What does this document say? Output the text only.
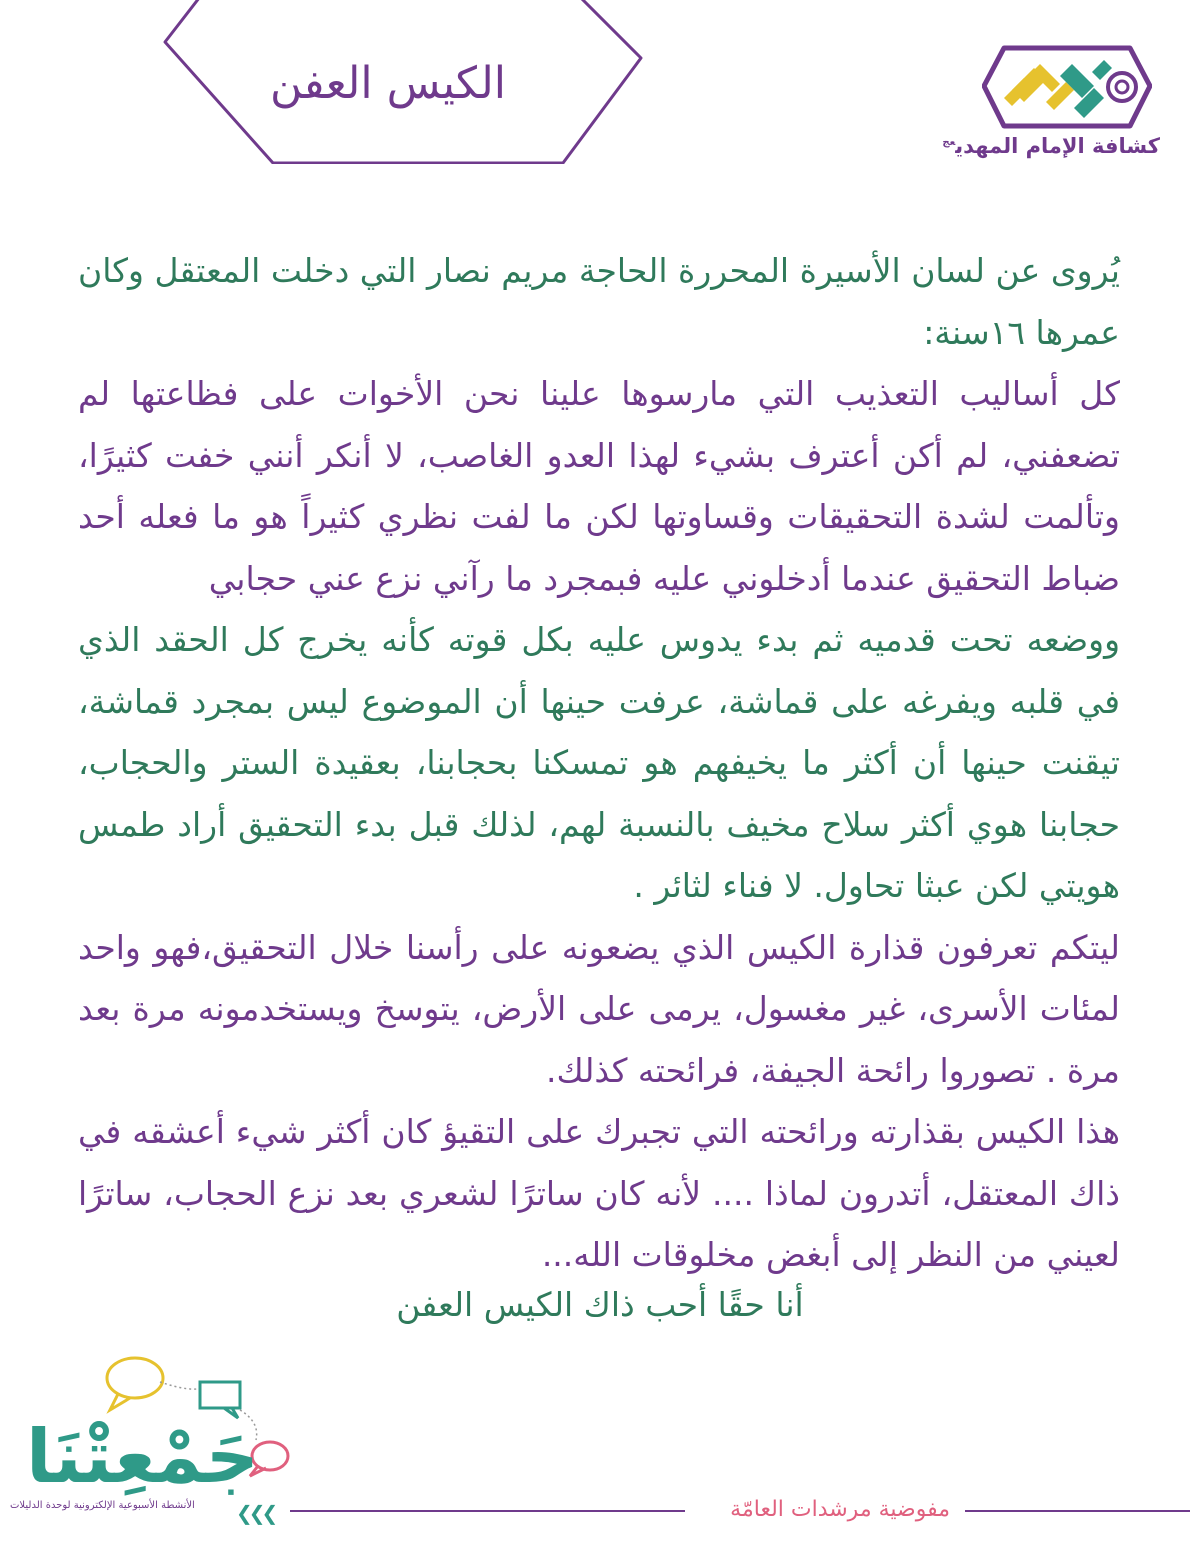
الكيس العفن
كشافة الإمام المهدي$^{عج}$

يُروى عن لسان الأسيرة المحررة الحاجة مريم نصار التي دخلت المعتقل وكان عمرها ١٦سنة:

كل أساليب التعذيب التي مارسوها علينا نحن الأخوات على فظاعتها لم تضعفني، لم أكن أعترف بشيء لهذا العدو الغاصب، لا أنكر أنني خفت كثيرًا، وتألمت لشدة التحقيقات وقساوتها لكن ما لفت نظري كثيراً هو ما فعله أحد ضباط التحقيق عندما أدخلوني عليه فبمجرد ما رآني نزع عني حجابي

ووضعه تحت قدميه ثم بدء يدوس عليه بكل قوته كأنه يخرج كل الحقد الذي في قلبه ويفرغه على قماشة، عرفت حينها أن الموضوع ليس بمجرد قماشة، تيقنت حينها أن أكثر ما يخيفهم هو تمسكنا بحجابنا، بعقيدة الستر والحجاب، حجابنا هوي أكثر سلاح مخيف بالنسبة لهم، لذلك قبل بدء التحقيق أراد طمس هويتي لكن عبثا تحاول. لا فناء لثائر .

ليتكم تعرفون قذارة الكيس الذي يضعونه على رأسنا خلال التحقيق،فهو واحد لمئات الأسرى، غير مغسول، يرمى على الأرض، يتوسخ ويستخدمونه مرة بعد مرة . تصوروا رائحة الجيفة، فرائحته كذلك.

هذا الكيس بقذارته ورائحته التي تجبرك على التقيؤ كان أكثر شيء أعشقه في ذاك المعتقل، أتدرون لماذا .... لأنه كان ساترًا لشعري بعد نزع الحجاب، ساترًا لعيني من النظر إلى أبغض مخلوقات الله...

أنا حقًا أحب ذاك الكيس العفن
مفوضية مرشدات العامّة
جَمْعِتْنَا
الأنشطة الأسبوعية الإلكترونية لوحدة الدليلات	❯❯❯
